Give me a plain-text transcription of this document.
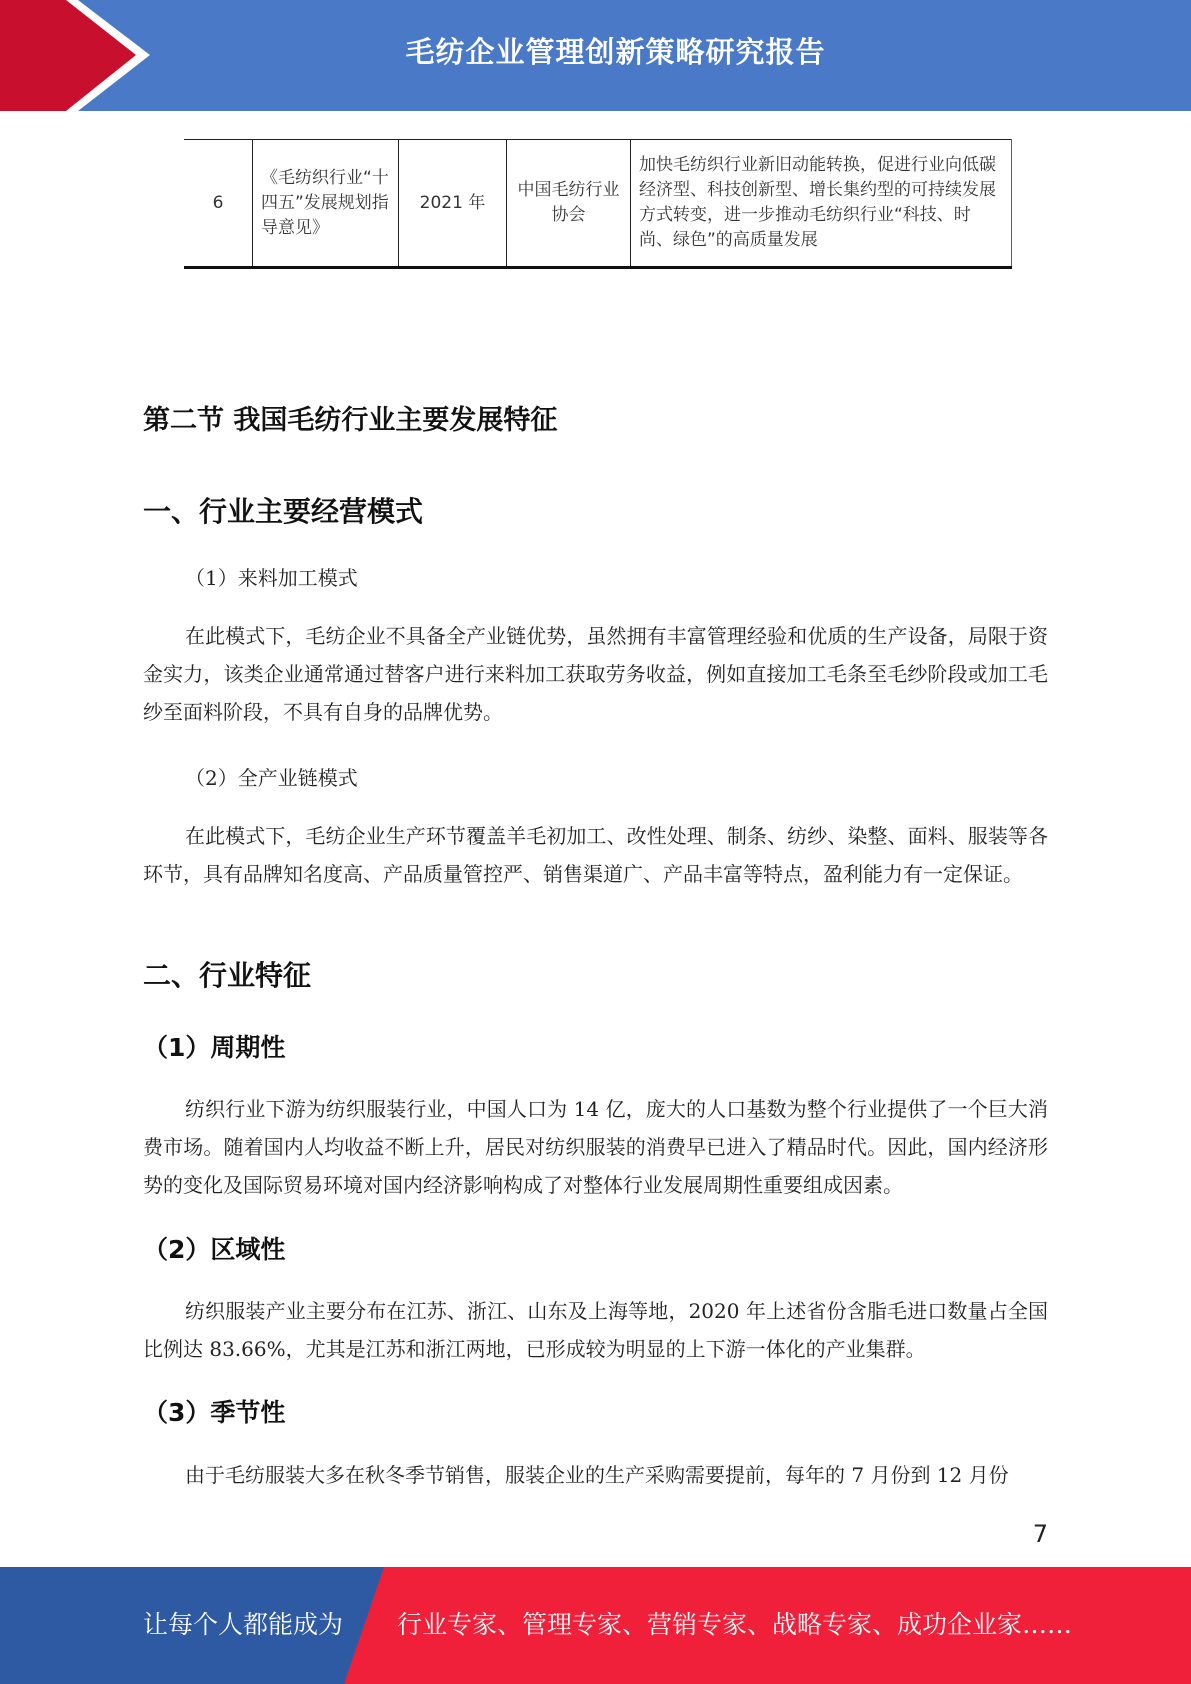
毛纺企业管理创新策略研究报告
6	《毛纺织行业“十四五”发展规划指导意见》	2021 年	中国毛纺行业协会	加快毛纺织行业新旧动能转换，促进行业向低碳经济型、科技创新型、增长集约型的可持续发展方式转变，进一步推动毛纺织行业“科技、时尚、绿色”的高质量发展
第二节 我国毛纺行业主要发展特征
一、行业主要经营模式

（1）来料加工模式

在此模式下，毛纺企业不具备全产业链优势，虽然拥有丰富管理经验和优质的生产设备，局限于资金实力，该类企业通常通过替客户进行来料加工获取劳务收益，例如直接加工毛条至毛纱阶段或加工毛纱至面料阶段，不具有自身的品牌优势。

（2）全产业链模式

在此模式下，毛纺企业生产环节覆盖羊毛初加工、改性处理、制条、纺纱、染整、面料、服装等各环节，具有品牌知名度高、产品质量管控严、销售渠道广、产品丰富等特点，盈利能力有一定保证。

二、行业特征
（1）周期性

纺织行业下游为纺织服装行业，中国人口为 14 亿，庞大的人口基数为整个行业提供了一个巨大消费市场。随着国内人均收益不断上升，居民对纺织服装的消费早已进入了精品时代。因此，国内经济形势的变化及国际贸易环境对国内经济影响构成了对整体行业发展周期性重要组成因素。

（2）区域性

纺织服装产业主要分布在江苏、浙江、山东及上海等地，2020 年上述省份含脂毛进口数量占全国比例达 83.66%，尤其是江苏和浙江两地，已形成较为明显的上下游一体化的产业集群。

（3）季节性

由于毛纺服装大多在秋冬季节销售，服装企业的生产采购需要提前，每年的 7 月份到 12 月份

7
让每个人都能成为 行业专家、管理专家、营销专家、战略专家、成功企业家……
